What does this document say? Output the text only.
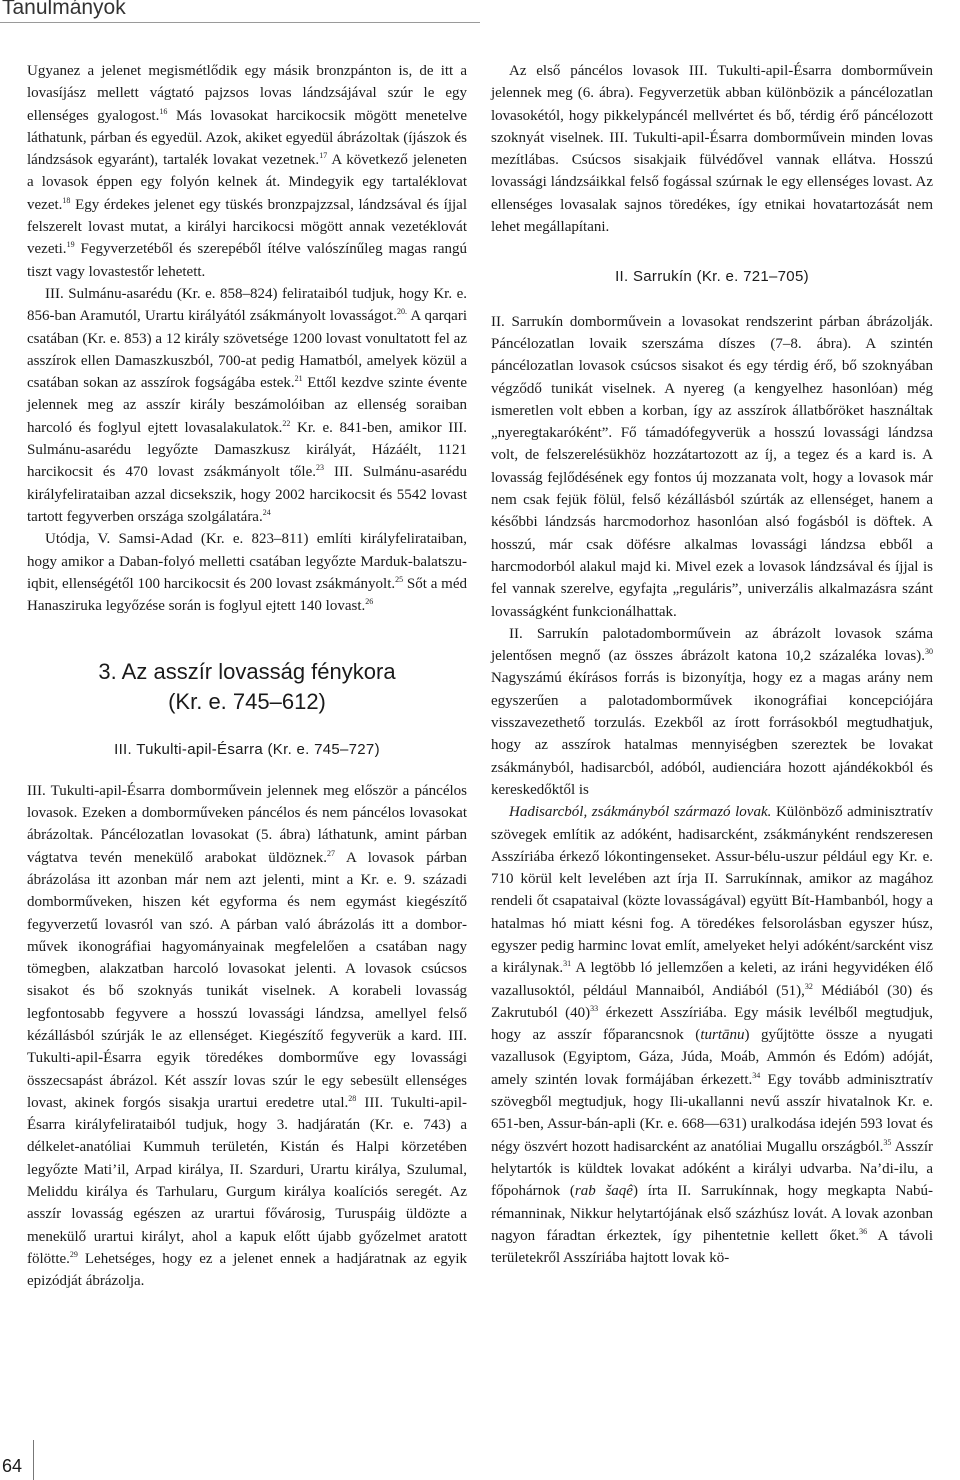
Tanulmányok

Ugyanez a jelenet megismétlődik egy másik bronzpánton is, de itt a lovasíjász mellett vágtató pajzsos lovas lándzsájával szúr le egy ellenséges gyalogost.$^{16}$ Más lovasokat harcikocsik mögött menetelve láthatunk, párban és egyedül. Azok, akiket egyedül ábrázoltak (íjászok és lándzsások egyaránt), tartalék lovakat vezetnek.$^{17}$ A következő jeleneten a lovasok éppen egy folyón kelnek át. Mindegyik egy tartaléklovat vezet.$^{18}$ Egy érdekes jelenet egy tüskés bronzpajzzsal, lándzsával és íjjal felszerelt lovast mutat, a királyi harcikocsi mögött annak vezetéklovát vezeti.$^{19}$ Fegyverzetéből és szerepéből ítélve valószínűleg magas rangú tiszt vagy lovastestőr lehetett.

III. Sulmánu-asarédu (Kr. e. 858–824) felirataiból tudjuk, hogy Kr. e. 856-ban Aramutól, Urartu királyától zsákmányolt lovasságot.$^{20.}$ A qarqari csatában (Kr. e. 853) a 12 király szövetsége 1200 lovast vonultatott fel az asszírok ellen Damaszkuszból, 700-at pedig Hamatból, amelyek közül a csatában sokan az asszírok fogságába estek.$^{21}$ Ettől kezdve szinte évente jelennek meg az asszír király beszámolóiban az ellenség soraiban harcoló és foglyul ejtett lovasalakulatok.$^{22}$ Kr. e. 841-ben, amikor III. Sulmánu-asarédu legyőzte Damaszkusz királyát, Házáélt, 1121 harcikocsit és 470 lovast zsákmányolt tőle.$^{23}$ III. Sulmánu-asarédu királyfelirataiban azzal dicsekszik, hogy 2002 harcikocsit és 5542 lovast tartott fegyverben országa szolgálatára.$^{24}$

Utódja, V. Samsi-Adad (Kr. e. 823–811) említi királyfelirataiban, hogy amikor a Daban-folyó melletti csatában legyőzte Marduk-balatszu-iqbit, ellenségétől 100 harcikocsit és 200 lovast zsákmányolt.$^{25}$ Sőt a méd Hanasziruka legyőzése során is foglyul ejtett 140 lovast.$^{26}$

3. Az asszír lovasság fénykora
(Kr. e. 745–612)
III. Tukulti-apil-Ésarra (Kr. e. 745–727)

III. Tukulti-apil-Ésarra domborművein jelennek meg először a páncélos lovasok. Ezeken a domborműveken páncélos és nem páncélos lovasokat ábrázoltak. Páncélozatlan lovasokat (5. ábra) láthatunk, amint párban vágtatva tevén menekülő arabokat üldöznek.$^{27}$ A lovasok párban ábrázolása itt azonban már nem azt jelenti, mint a Kr. e. 9. századi domborműveken, hiszen két egyforma és nem egymást kiegészítő fegyverzetű lovasról van szó. A párban való ábrázolás itt a domborművek ikonográfiai hagyományainak megfelelően a csatában nagy tömegben, alakzatban harcoló lovasokat jelenti. A lovasok csúcsos sisakot és bő szoknyás tunikát viselnek. A korabeli lovasság legfontosabb fegyvere a hosszú lovassági lándzsa, amellyel felső kézállásból szúrják le az ellenséget. Kiegészítő fegyverük a kard. III. Tukulti-apil-Ésarra egyik töredékes domborműve egy lovassági összecsapást ábrázol. Két asszír lovas szúr le egy sebesült ellenséges lovast, akinek forgós sisakja urartui eredetre utal.$^{28}$ III. Tukulti-apil-Ésarra királyfelirataiból tudjuk, hogy 3. hadjáratán (Kr. e. 743) a délkelet-anatóliai Kummuh területén, Kistán és Halpi körzetében legyőzte Mati’il, Arpad királya, II. Szarduri, Urartu királya, Szulumal, Meliddu királya és Tarhularu, Gurgum királya koalíciós seregét. Az asszír lovasság egészen az urartui fővárosig, Turuspáig üldözte a menekülő urartui királyt, ahol a kapuk előtt újabb győzelmet aratott fölötte.$^{29}$ Lehetséges, hogy ez a jelenet ennek a hadjáratnak az egyik epizódját ábrázolja.

Az első páncélos lovasok III. Tukulti-apil-Ésarra domborművein jelennek meg (6. ábra). Fegyverzetük abban különbözik a páncélozatlan lovasokétól, hogy pikkelypáncél mellvértet és bő, térdig érő páncélozott szoknyát viselnek. III. Tukulti-apil-Ésarra domborművein minden lovas mezítlábas. Csúcsos sisakjaik fülvédővel vannak ellátva. Hosszú lovassági lándzsáikkal felső fogással szúrnak le egy ellenséges lovast. Az ellenséges lovasalak sajnos töredékes, így etnikai hovatartozását nem lehet megállapítani.

II. Sarrukín (Kr. e. 721–705)

II. Sarrukín domborművein a lovasokat rendszerint párban ábrázolják. Páncélozatlan lovaik szerszáma díszes (7–8. ábra). A szintén páncélozatlan lovasok csúcsos sisakot és egy térdig érő, bő szoknyában végződő tunikát viselnek. A nyereg (a kengyelhez hasonlóan) még ismeretlen volt ebben a korban, így az asszírok állatbőröket használtak „nyeregtakaróként”. Fő támadófegyverük a hosszú lovassági lándzsa volt, de felszerelésükhöz hozzátartozott az íj, a tegez és a kard is. A lovasság fejlődésének egy fontos új mozzanata volt, hogy a lovasok már nem csak fejük fölül, felső kézállásból szúrták az ellenséget, hanem a későbbi lándzsás harcmodorhoz hasonlóan alsó fogásból is döftek. A hosszú, már csak döfésre alkalmas lovassági lándzsa ebből a harcmodorból alakul majd ki. Mivel ezek a lovasok lándzsával és íjjal is fel vannak szerelve, egyfajta „reguláris”, univerzális alkalmazásra szánt lovasságként funkcionálhattak.

II. Sarrukín palotadomborművein az ábrázolt lovasok száma jelentősen megnő (az összes ábrázolt katona 10,2 százaléka lovas).$^{30}$ Nagyszámú ékírásos forrás is bizonyítja, hogy ez a magas arány nem egyszerűen a palotadomborművek ikonográfiai koncepciójára visszavezethető torzulás. Ezekből az írott forrásokból megtudhatjuk, hogy az asszírok hatalmas mennyiségben szereztek be lovakat zsákmányból, hadisarcból, adóból, audienciára hozott ajándékokból és kereskedőktől is

Hadisarcból, zsákmányból származó lovak. Különböző adminisztratív szövegek említik az adóként, hadisarcként, zsákmányként rendszeresen Asszíriába érkező lókontingenseket. Assur-bélu-uszur például egy Kr. e. 710 körül kelt levelében azt írja II. Sarrukínnak, amikor az magához rendeli őt csapataival (közte lovasságával) együtt Bít-Hambanból, hogy a hatalmas hó miatt késni fog. A töredékes felsorolásban egyszer húsz, egyszer pedig harminc lovat említ, amelyeket helyi adóként/sarcként visz a királynak.$^{31}$ A legtöbb ló jellemzően a keleti, az iráni hegyvidéken élő vazallusoktól, például Mannaiból, Andiából (51),$^{32}$ Médiából (30) és Zakrutuból $(40)^{33}$ érkezett Asszíriába. Egy másik levélből megtudjuk, hogy az asszír főparancsnok (turtānu) gyűjtötte össze a nyugati vazallusok (Egyiptom, Gáza, Júda, Moáb, Ammón és Edóm) adóját, amely szintén lovak formájában érkezett.$^{34}$ Egy tovább adminisztratív szövegből megtudjuk, hogy Ili-ukallanni nevű asszír hivatalnok Kr. e. 651-ben, Assur-bán-apli (Kr. e. 668—631) uralkodása idején 593 lovat és négy öszvért hozott hadisarcként az anatóliai Mugallu országból.$^{35}$ Asszír helytartók is küldtek lovakat adóként a királyi udvarba. Na’di-ilu, a főpohárnok (rab šaqê) írta II. Sarrukínnak, hogy megkapta Nabú-rémanninak, Nikkur helytartójának első százhúsz lovát. A lovak azonban nagyon fáradtan érkeztek, így pihentetnie kellett őket.$^{36}$ A távoli területekről Asszíriába hajtott lovak kö-

64
